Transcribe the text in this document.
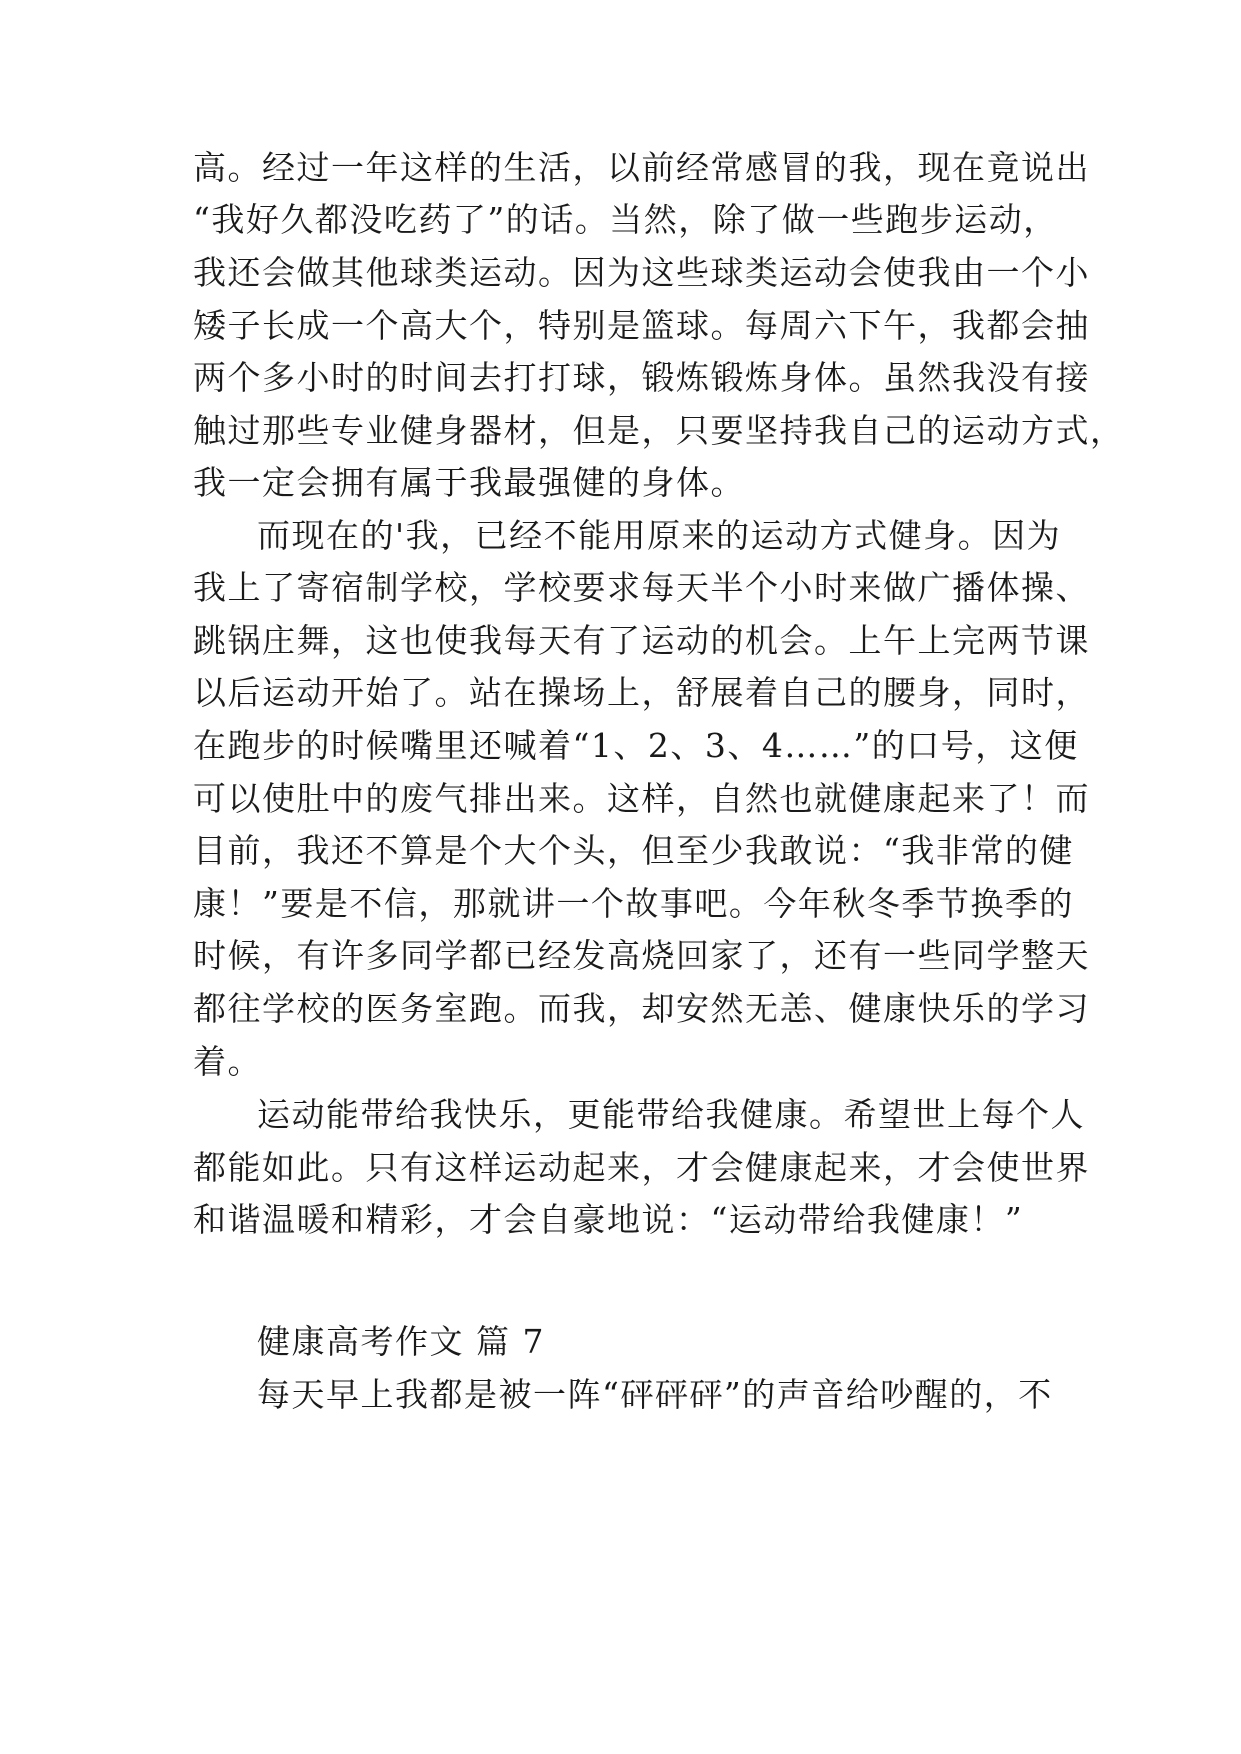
高。经过一年这样的生活，以前经常感冒的我，现在竟说出
“我好久都没吃药了”的话。当然，除了做一些跑步运动，
我还会做其他球类运动。因为这些球类运动会使我由一个小
矮子长成一个高大个，特别是篮球。每周六下午，我都会抽
两个多小时的时间去打打球，锻炼锻炼身体。虽然我没有接
触过那些专业健身器材，但是，只要坚持我自己的运动方式，
我一定会拥有属于我最强健的身体。
而现在的'我，已经不能用原来的运动方式健身。因为
我上了寄宿制学校，学校要求每天半个小时来做广播体操、
跳锅庄舞，这也使我每天有了运动的机会。上午上完两节课
以后运动开始了。站在操场上，舒展着自己的腰身，同时，
在跑步的时候嘴里还喊着“1、2、3、4……”的口号，这便
可以使肚中的废气排出来。这样，自然也就健康起来了！而
目前，我还不算是个大个头，但至少我敢说：“我非常的健
康！”要是不信，那就讲一个故事吧。今年秋冬季节换季的
时候，有许多同学都已经发高烧回家了，还有一些同学整天
都往学校的医务室跑。而我，却安然无恙、健康快乐的学习
着。
运动能带给我快乐，更能带给我健康。希望世上每个人
都能如此。只有这样运动起来，才会健康起来，才会使世界
和谐温暖和精彩，才会自豪地说：“运动带给我健康！”
健康高考作文 篇 7
每天早上我都是被一阵“砰砰砰”的声音给吵醒的，不
